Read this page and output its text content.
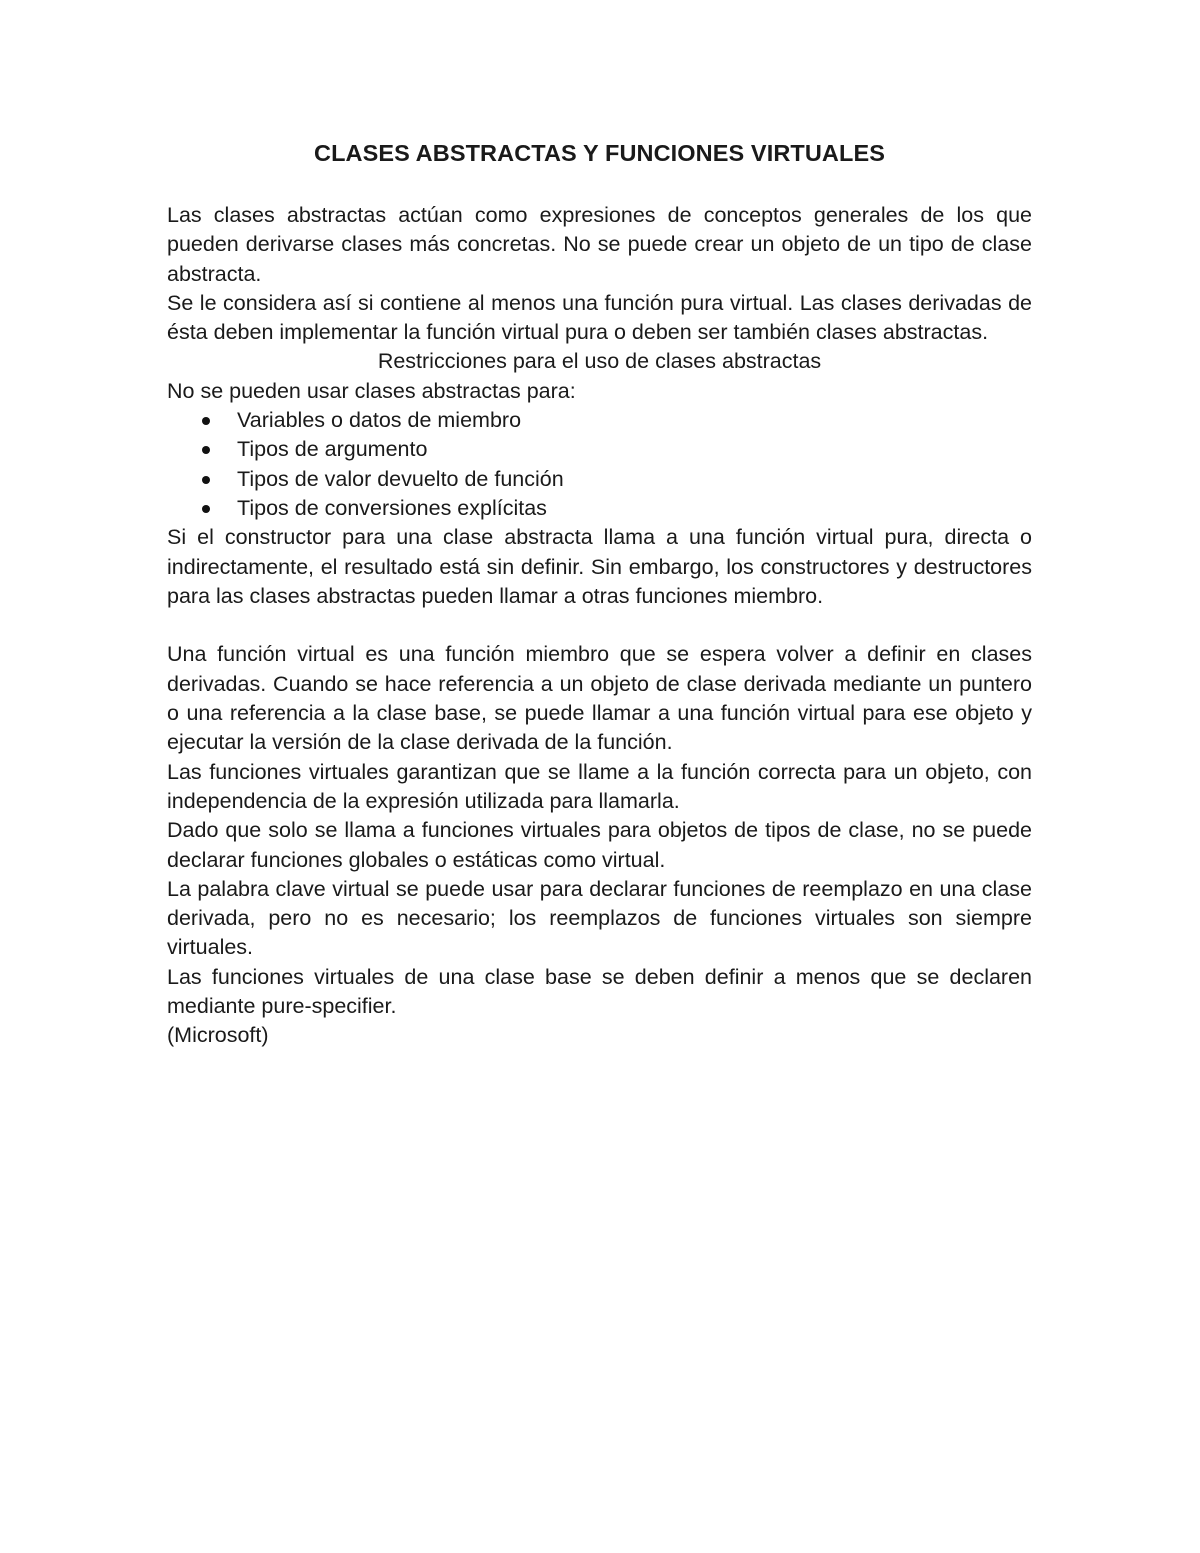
CLASES ABSTRACTAS Y FUNCIONES VIRTUALES

Las clases abstractas actúan como expresiones de conceptos generales de los que pueden derivarse clases más concretas. No se puede crear un objeto de un tipo de clase abstracta.

Se le considera así si contiene al menos una función pura virtual. Las clases derivadas de ésta deben implementar la función virtual pura o deben ser también clases abstractas.

Restricciones para el uso de clases abstractas

No se pueden usar clases abstractas para:

Variables o datos de miembro
Tipos de argumento
Tipos de valor devuelto de función
Tipos de conversiones explícitas

Si el constructor para una clase abstracta llama a una función virtual pura, directa o indirectamente, el resultado está sin definir. Sin embargo, los constructores y destructores para las clases abstractas pueden llamar a otras funciones miembro.

Una función virtual es una función miembro que se espera volver a definir en clases derivadas. Cuando se hace referencia a un objeto de clase derivada mediante un puntero o una referencia a la clase base, se puede llamar a una función virtual para ese objeto y ejecutar la versión de la clase derivada de la función.

Las funciones virtuales garantizan que se llame a la función correcta para un objeto, con independencia de la expresión utilizada para llamarla.

Dado que solo se llama a funciones virtuales para objetos de tipos de clase, no se puede declarar funciones globales o estáticas como virtual.

La palabra clave virtual se puede usar para declarar funciones de reemplazo en una clase derivada, pero no es necesario; los reemplazos de funciones virtuales son siempre virtuales.

Las funciones virtuales de una clase base se deben definir a menos que se declaren mediante pure-specifier.

(Microsoft)
